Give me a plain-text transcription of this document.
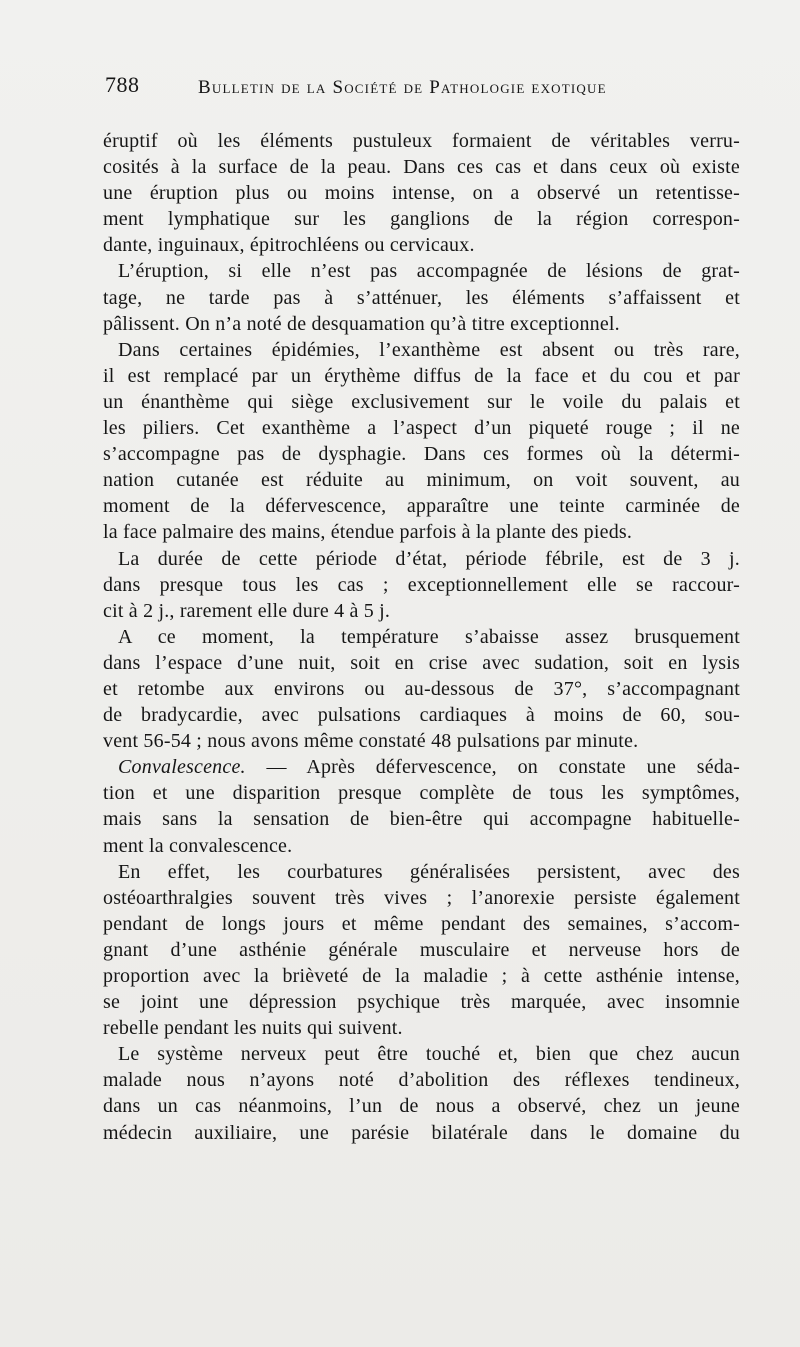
788	Bulletin de la Société de Pathologie exotique
éruptif où les éléments pustuleux formaient de véritables verru-
cosités à la surface de la peau. Dans ces cas et dans ceux où existe
une éruption plus ou moins intense, on a observé un retentisse-
ment lymphatique sur les ganglions de la région correspon-
dante, inguinaux, épitrochléens ou cervicaux.
L’éruption, si elle n’est pas accompagnée de lésions de grat-
tage, ne tarde pas à s’atténuer, les éléments s’affaissent et
pâlissent. On n’a noté de desquamation qu’à titre exceptionnel.
Dans certaines épidémies, l’exanthème est absent ou très rare,
il est remplacé par un érythème diffus de la face et du cou et par
un énanthème qui siège exclusivement sur le voile du palais et
les piliers. Cet exanthème a l’aspect d’un piqueté rouge ; il ne
s’accompagne pas de dysphagie. Dans ces formes où la détermi-
nation cutanée est réduite au minimum, on voit souvent, au
moment de la défervescence, apparaître une teinte carminée de
la face palmaire des mains, étendue parfois à la plante des pieds.
La durée de cette période d’état, période fébrile, est de 3 j.
dans presque tous les cas ; exceptionnellement elle se raccour-
cit à 2 j., rarement elle dure 4 à 5 j.
A ce moment, la température s’abaisse assez brusquement
dans l’espace d’une nuit, soit en crise avec sudation, soit en lysis
et retombe aux environs ou au-dessous de 37°, s’accompagnant
de bradycardie, avec pulsations cardiaques à moins de 60, sou-
vent 56-54 ; nous avons même constaté 48 pulsations par minute.
Convalescence. — Après défervescence, on constate une séda-
tion et une disparition presque complète de tous les symptômes,
mais sans la sensation de bien-être qui accompagne habituelle-
ment la convalescence.
En effet, les courbatures généralisées persistent, avec des
ostéoarthralgies souvent très vives ; l’anorexie persiste également
pendant de longs jours et même pendant des semaines, s’accom-
gnant d’une asthénie générale musculaire et nerveuse hors de
proportion avec la brièveté de la maladie ; à cette asthénie intense,
se joint une dépression psychique très marquée, avec insomnie
rebelle pendant les nuits qui suivent.
Le système nerveux peut être touché et, bien que chez aucun
malade nous n’ayons noté d’abolition des réflexes tendineux,
dans un cas néanmoins, l’un de nous a observé, chez un jeune
médecin auxiliaire, une parésie bilatérale dans le domaine du
